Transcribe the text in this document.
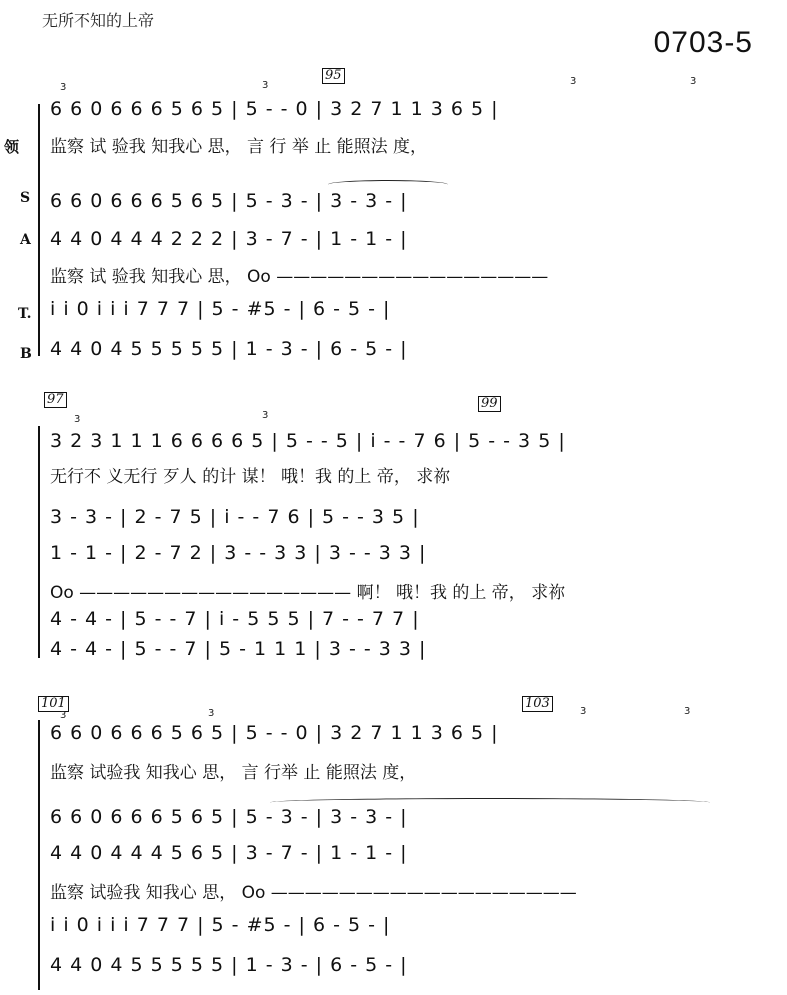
无所不知的上帝
0703-5
领
S
A
T.
B
95
3	3	3	3
6 6 0 6 6 6 5 6 5 | 5 - - 0 | 3 2 7 1 1 3 6 5 |
监察 试 验我 知我心 思， 言 行 举 止 能照法 度，
6 6 0 6 6 6 5 6 5 | 5 - 3 - | 3 - 3 - |
4 4 0 4 4 4 2 2 2 | 3 - 7 - | 1 - 1 - |
监察 试 验我 知我心 思， Oo ————————————————
i i 0 i i i 7 7 7 | 5 - #5 - | 6 - 5 - |
4 4 0 4 5 5 5 5 5 | 1 - 3 - | 6 - 5 - |
97	99
3	3
3 2 3 1 1 1 6 6 6 6 5 | 5 - - 5 | i - - 7 6 | 5 - - 3 5 |
无行不 义无行 歹人 的计 谋！ 哦！我 的上 帝， 求祢
3 - 3 - | 2 - 7 5 | i - - 7 6 | 5 - - 3 5 |
1 - 1 - | 2 - 7 2 | 3 - - 3 3 | 3 - - 3 3 |
Oo ———————————————— 啊！ 哦！我 的上 帝， 求祢
4 - 4 - | 5 - - 7 | i - 5 5 5 | 7 - - 7 7 |
4 - 4 - | 5 - - 7 | 5 - 1 1 1 | 3 - - 3 3 |
101	103
3	3	3	3
6 6 0 6 6 6 5 6 5 | 5 - - 0 | 3 2 7 1 1 3 6 5 |
监察 试验我 知我心 思， 言 行举 止 能照法 度，
6 6 0 6 6 6 5 6 5 | 5 - 3 - | 3 - 3 - |
4 4 0 4 4 4 5 6 5 | 3 - 7 - | 1 - 1 - |
监察 试验我 知我心 思， Oo ——————————————————
i i 0 i i i 7 7 7 | 5 - #5 - | 6 - 5 - |
4 4 0 4 5 5 5 5 5 | 1 - 3 - | 6 - 5 - |
